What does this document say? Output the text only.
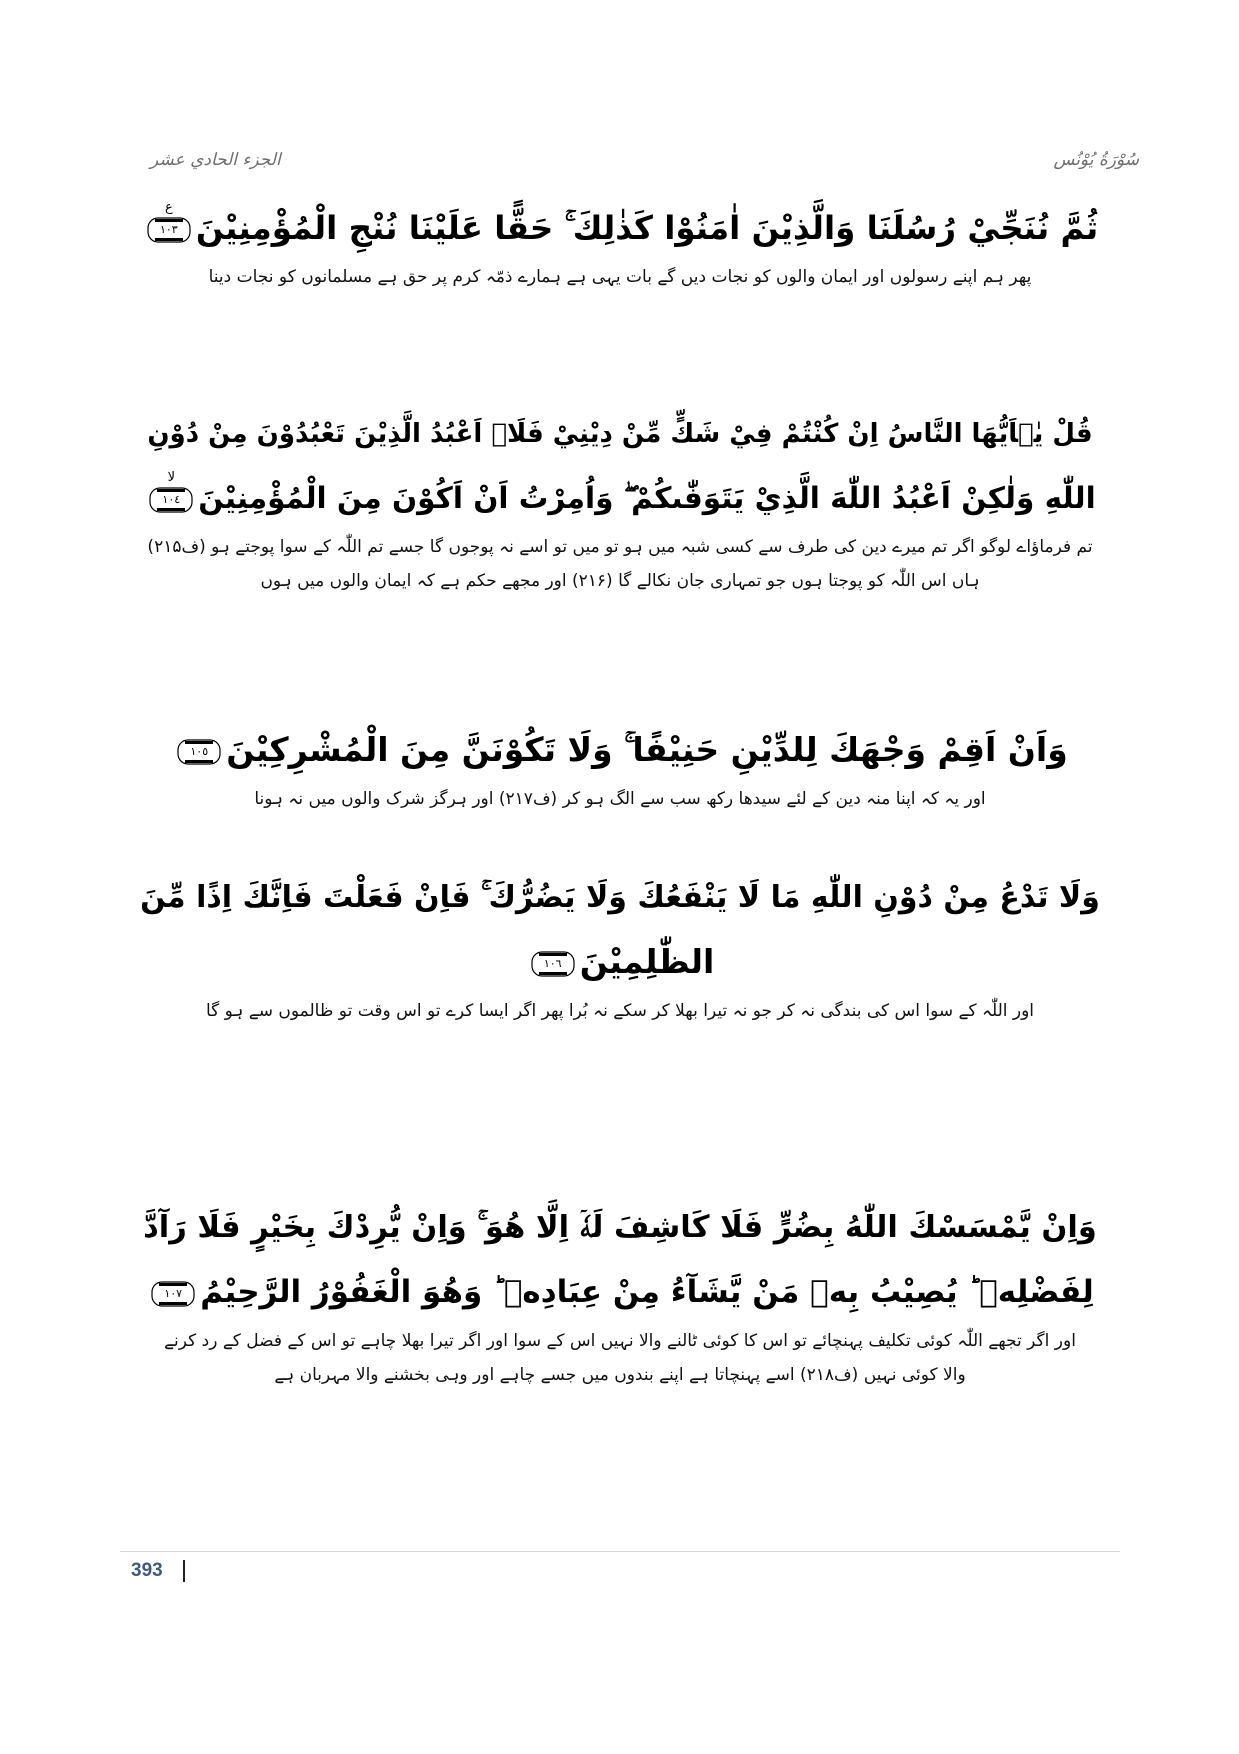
سُوْرَةُ يُوْنُس
الجزء الحادي عشر
ثُمَّ نُنَجِّيْ رُسُلَنَا وَالَّذِيْنَ اٰمَنُوْا كَذٰلِكَ ۚ حَقًّا عَلَيْنَا نُنْجِ الْمُؤْمِنِيْنَ
ع
١٠٣
پھر ہم اپنے رسولوں اور ایمان والوں کو نجات دیں گے بات یہی ہے ہمارے ذمّہ کرم پر حق ہے مسلمانوں کو نجات دینا
قُلْ يٰۤاَيُّهَا النَّاسُ اِنْ كُنْتُمْ فِيْ شَكٍّ مِّنْ دِيْنِيْ فَلَاۤ اَعْبُدُ الَّذِيْنَ تَعْبُدُوْنَ مِنْ دُوْنِ
اللّٰهِ وَلٰكِنْ اَعْبُدُ اللّٰهَ الَّذِيْ يَتَوَفّٰىكُمْ ۖ وَاُمِرْتُ اَنْ اَكُوْنَ مِنَ الْمُؤْمِنِيْنَ
لا
١٠٤
تم فرماؤاے لوگو اگر تم میرے دین کی طرف سے کسی شبہ میں ہو تو میں تو اسے نہ پوجوں گا جسے تم اللّٰہ کے سوا پوجتے ہو (ف۲۱۵)
ہاں اس اللّٰہ کو پوجتا ہوں جو تمہاری جان نکالے گا (۲۱۶) اور مجھے حکم ہے کہ ایمان والوں میں ہوں
وَاَنْ اَقِمْ وَجْهَكَ لِلدِّيْنِ حَنِيْفًا ۚ وَلَا تَكُوْنَنَّ مِنَ الْمُشْرِكِيْنَ
١٠٥
اور یہ کہ اپنا منہ دین کے لئے سیدھا رکھ سب سے الگ ہو کر (ف۲۱۷) اور ہرگز شرک والوں میں نہ ہونا
وَلَا تَدْعُ مِنْ دُوْنِ اللّٰهِ مَا لَا يَنْفَعُكَ وَلَا يَضُرُّكَ ۚ فَاِنْ فَعَلْتَ فَاِنَّكَ اِذًا مِّنَ
الظّٰلِمِيْنَ
١٠٦
اور اللّٰہ کے سوا اس کی بندگی نہ کر جو نہ تیرا بھلا کر سکے نہ بُرا پھر اگر ایسا کرے تو اس وقت تو ظالموں سے ہو گا
وَاِنْ يَّمْسَسْكَ اللّٰهُ بِضُرٍّ فَلَا كَاشِفَ لَهٗۤ اِلَّا هُوَ ۚ وَاِنْ يُّرِدْكَ بِخَيْرٍ فَلَا رَآدَّ
لِفَضْلِهٖ ؕ يُصِيْبُ بِهٖ مَنْ يَّشَآءُ مِنْ عِبَادِهٖ ؕ وَهُوَ الْغَفُوْرُ الرَّحِيْمُ
١٠٧
اور اگر تجھے اللّٰہ کوئی تکلیف پہنچائے تو اس کا کوئی ٹالنے والا نہیں اس کے سوا اور اگر تیرا بھلا چاہے تو اس کے فضل کے رد کرنے
والا کوئی نہیں (ف۲۱۸) اسے پہنچاتا ہے اپنے بندوں میں جسے چاہے اور وہی بخشنے والا مہربان ہے
393
